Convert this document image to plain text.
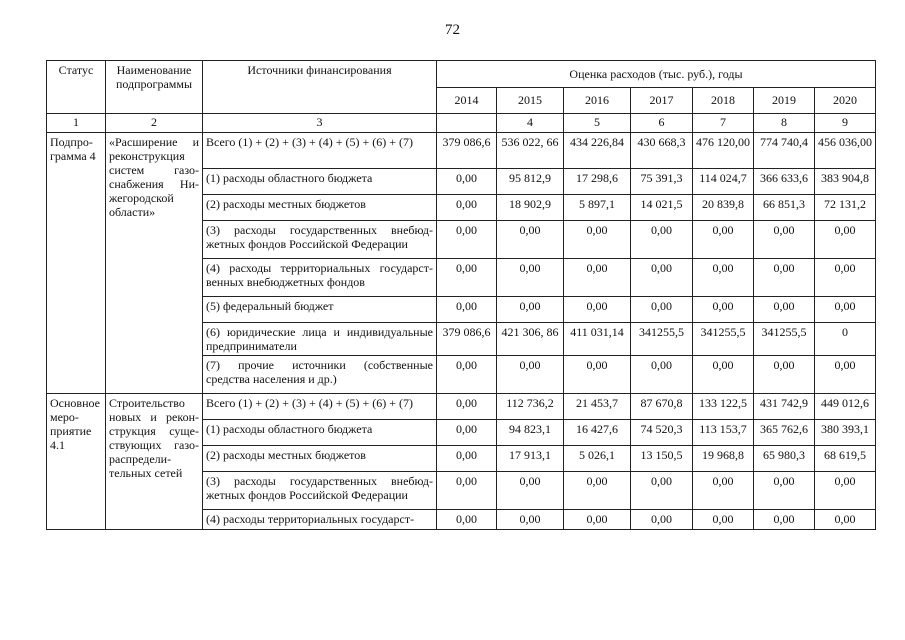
72
Статус	Наименование подпрограммы	Источники финансирования	Оценка расходов (тыс. руб.), годы						
			2014	2015	2016	2017	2018	2019	2020
1	2	3		4	5	6	7	8	9
Подпро-грамма 4	«Расширение и реконструкция систем газо-снабжения Ни-жегородской области»	Всего (1) + (2) + (3) + (4) + (5) + (6) + (7)	379 086,6	536 022, 66	434 226,84	430 668,3	476 120,00	774 740,4	456 036,00
		(1) расходы областного бюджета	0,00	95 812,9	17 298,6	75 391,3	114 024,7	366 633,6	383 904,8
		(2) расходы местных бюджетов	0,00	18 902,9	5 897,1	14 021,5	20 839,8	66 851,3	72 131,2
		(3) расходы государственных внебюд-жетных фондов Российской Федерации	0,00	0,00	0,00	0,00	0,00	0,00	0,00
		(4) расходы территориальных государст-венных внебюджетных фондов	0,00	0,00	0,00	0,00	0,00	0,00	0,00
		(5) федеральный бюджет	0,00	0,00	0,00	0,00	0,00	0,00	0,00
		(6) юридические лица и индивидуальные предприниматели	379 086,6	421 306, 86	411 031,14	341255,5	341255,5	341255,5	0
		(7) прочие источники (собственные средства населения и др.)	0,00	0,00	0,00	0,00	0,00	0,00	0,00
Основное меро-приятие 4.1	Строительство новых и рекон-струкция суще-ствующих газо-распредели-тельных сетей	Всего (1) + (2) + (3) + (4) + (5) + (6) + (7)	0,00	112 736,2	21 453,7	87 670,8	133 122,5	431 742,9	449 012,6
		(1) расходы областного бюджета	0,00	94 823,1	16 427,6	74 520,3	113 153,7	365 762,6	380 393,1
		(2) расходы местных бюджетов	0,00	17 913,1	5 026,1	13 150,5	19 968,8	65 980,3	68 619,5
		(3) расходы государственных внебюд-жетных фондов Российской Федерации	0,00	0,00	0,00	0,00	0,00	0,00	0,00
		(4) расходы территориальных государст-	0,00	0,00	0,00	0,00	0,00	0,00	0,00
